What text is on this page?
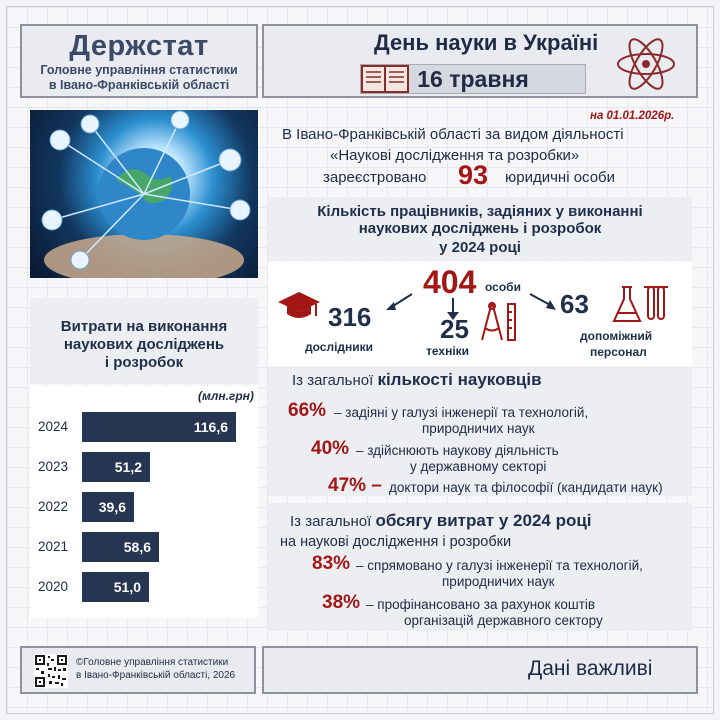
Держстат
Головне управління статистики
в Івано-Франківській області
День науки в Україні
16 травня
на 01.01.2026р.
В Івано-Франківській області за видом діяльності
«Наукові дослідження та розробки»
зареєстровано 93 юридичні особи
Кількість працівників, задіяних у виконанні
наукових досліджень і розробок
у 2024 році
404 особи
316
дослідники
25
техніки
63
допоміжний
персонал
Із загальної кількості науковців
66% – задіяні у галузі інженерії та технологій,
природничих наук
40% – здійснюють наукову діяльність
у державному секторі
47% – доктори наук та філософії (кандидати наук)
Із загальної обсягу витрат у 2024 році
на наукові дослідження і розробки
83% – спрямовано у галузі інженерії та технологій,
природничих наук
38% – профінансовано за рахунок коштів
організацій державного сектору
Витрати на виконання
наукових досліджень
і розробок
(млн.грн)
2024	116,6
2023	51,2
2022	39,6
2021	58,6
2020	51,0
©Головне управління статистики
в Івано-Франківській області, 2026	Дані важливі
